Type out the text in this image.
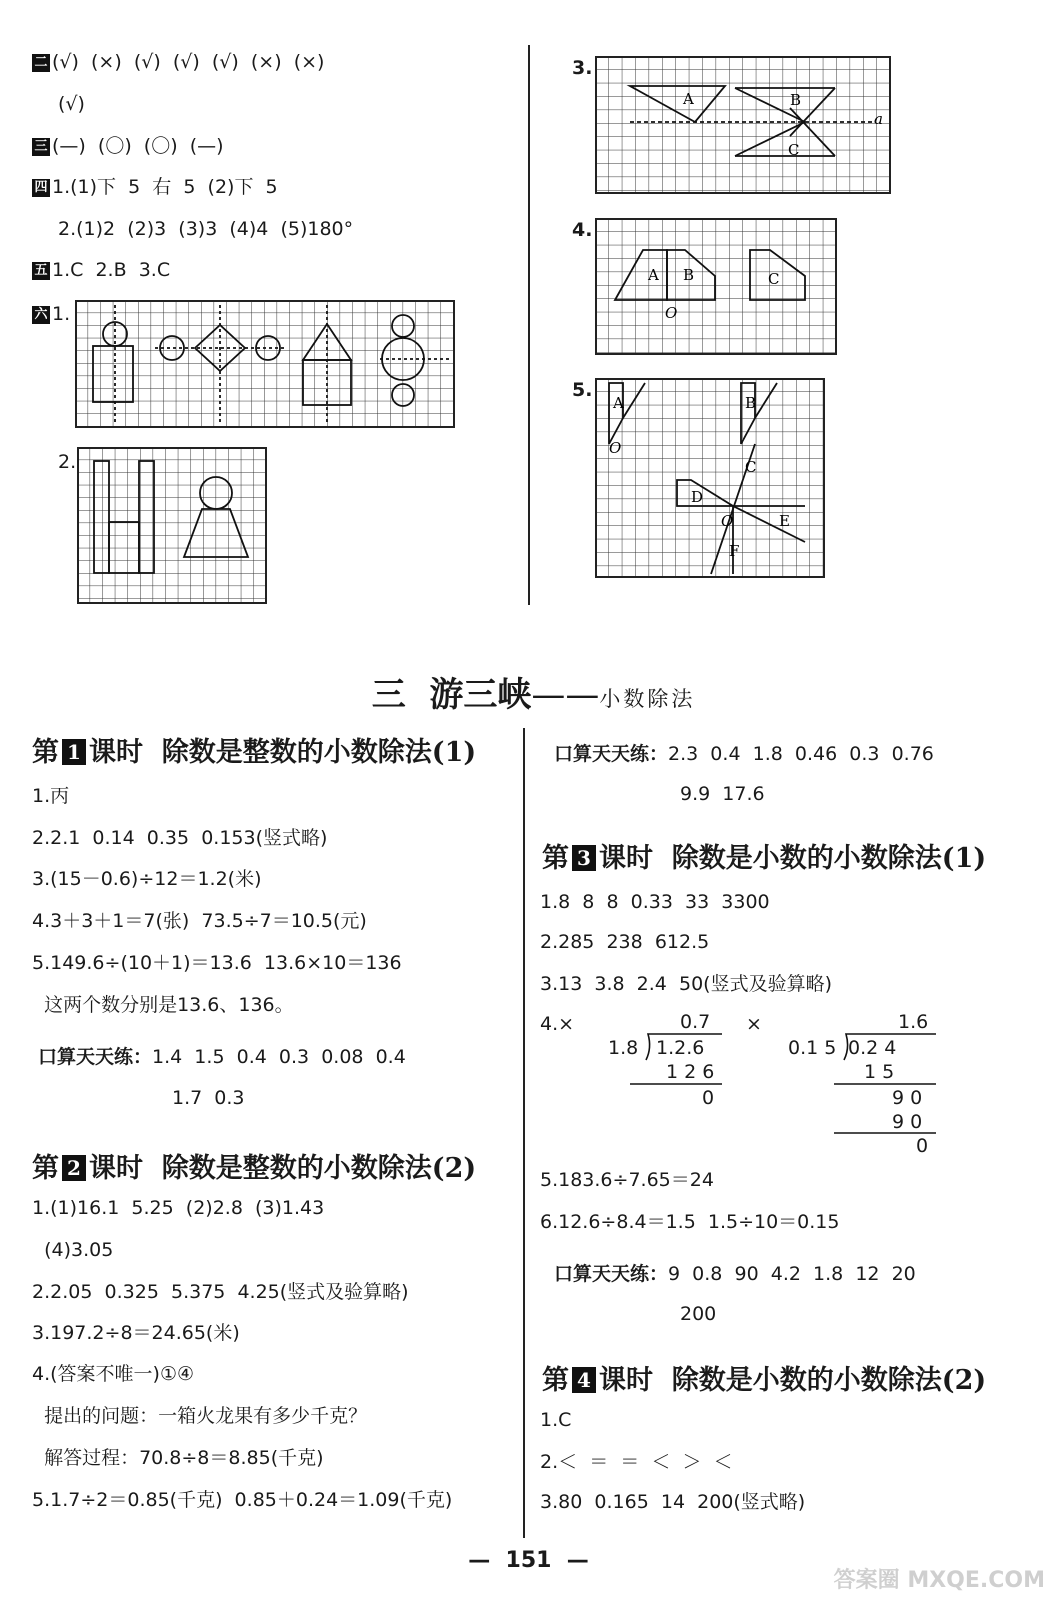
二 (√)  (×)  (√)  (√)  (√)  (×)  (×)
(√)
三 (—)  (〇)  (〇)  (—)
四 1.(1)下  5  右  5  (2)下  5
2.(1)2  (2)3  (3)3  (4)4  (5)180°
五 1.C  2.B  3.C
六 1.
2.
3.
A	B
C
a
4.
A B	C
O
5.
A
O
B
C
D
E
O
F

三  游三峡——小数除法

第 1 课时  除数是整数的小数除法(1)
1.丙
2.2.1  0.14  0.35  0.153(竖式略)
3.(15－0.6)÷12＝1.2(米)
4.3＋3＋1＝7(张)  73.5÷7＝10.5(元)
5.149.6÷(10＋1)＝13.6  13.6×10＝136
这两个数分别是13.6、136。
口算天天练：1.4  1.5  0.4  0.3  0.08  0.4
1.7  0.3
第 2 课时  除数是整数的小数除法(2)
1.(1)16.1  5.25  (2)2.8  (3)1.43
(4)3.05
2.2.05  0.325  5.375  4.25(竖式及验算略)
3.197.2÷8＝24.65(米)
4.(答案不唯一)①④
提出的问题：一箱火龙果有多少千克？
解答过程：70.8÷8＝8.85(千克)
5.1.7÷2＝0.85(千克)  0.85＋0.24＝1.09(千克)
口算天天练：2.3  0.4  1.8  0.46  0.3  0.76
9.9  17.6
第 3 课时  除数是小数的小数除法(1)
1.8  8  8  0.33  33  3300
2.285  238  612.5
3.13  3.8  2.4  50(竖式及验算略)
4.×	×
0.7
1.8 1.2.6
1 2 6
0
1.6
0.1 5 0.2 4
1 5
9 0
9 0
0
5.183.6÷7.65＝24
6.12.6÷8.4＝1.5  1.5÷10＝0.15
口算天天练：9  0.8  90  4.2  1.8  12  20
200
第 4 课时  除数是小数的小数除法(2)
1.C
2.＜  ＝  ＝  ＜  ＞  ＜
3.80  0.165  14  200(竖式略)
—  151  —
答案圈 MXQE.COM
